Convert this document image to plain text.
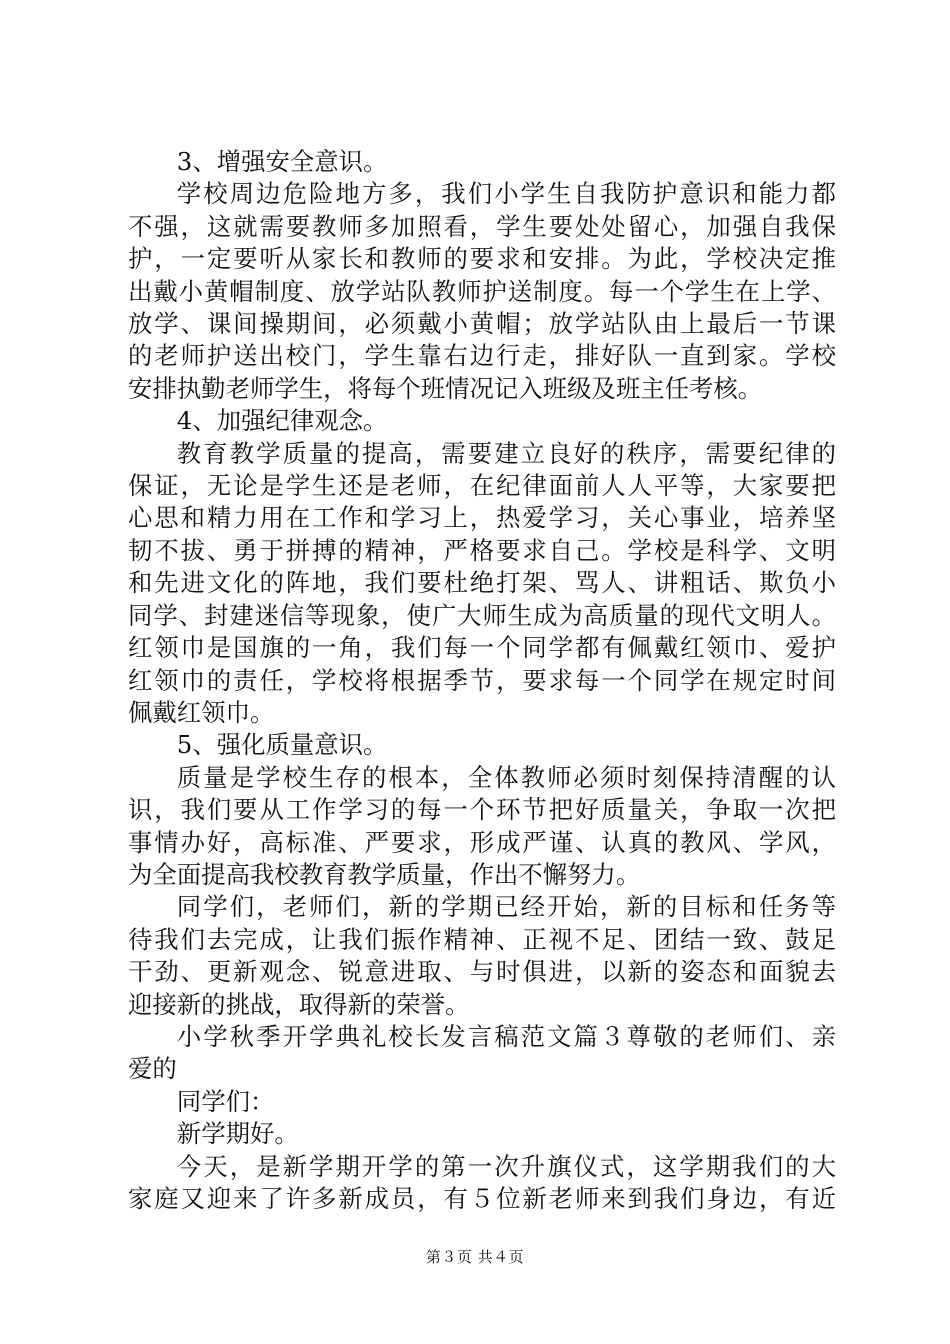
3、增强安全意识。
学校周边危险地方多，我们小学生自我防护意识和能力都
不强，这就需要教师多加照看，学生要处处留心，加强自我保
护，一定要听从家长和教师的要求和安排。为此，学校决定推
出戴小黄帽制度、放学站队教师护送制度。每一个学生在上学、
放学、课间操期间，必须戴小黄帽；放学站队由上最后一节课
的老师护送出校门，学生靠右边行走，排好队一直到家。学校
安排执勤老师学生，将每个班情况记入班级及班主任考核。
4、加强纪律观念。
教育教学质量的提高，需要建立良好的秩序，需要纪律的
保证，无论是学生还是老师，在纪律面前人人平等，大家要把
心思和精力用在工作和学习上，热爱学习，关心事业，培养坚
韧不拔、勇于拼搏的精神，严格要求自己。学校是科学、文明
和先进文化的阵地，我们要杜绝打架、骂人、讲粗话、欺负小
同学、封建迷信等现象，使广大师生成为高质量的现代文明人。
红领巾是国旗的一角，我们每一个同学都有佩戴红领巾、爱护
红领巾的责任，学校将根据季节，要求每一个同学在规定时间
佩戴红领巾。
5、强化质量意识。
质量是学校生存的根本，全体教师必须时刻保持清醒的认
识，我们要从工作学习的每一个环节把好质量关，争取一次把
事情办好，高标准、严要求，形成严谨、认真的教风、学风，
为全面提高我校教育教学质量，作出不懈努力。
同学们，老师们，新的学期已经开始，新的目标和任务等
待我们去完成，让我们振作精神、正视不足、团结一致、鼓足
干劲、更新观念、锐意进取、与时俱进，以新的姿态和面貌去
迎接新的挑战，取得新的荣誉。
小学秋季开学典礼校长发言稿范文篇３尊敬的老师们、亲
爱的
同学们：
新学期好。
今天，是新学期开学的第一次升旗仪式，这学期我们的大
家庭又迎来了许多新成员，有５位新老师来到我们身边，有近
第３页 共４页
